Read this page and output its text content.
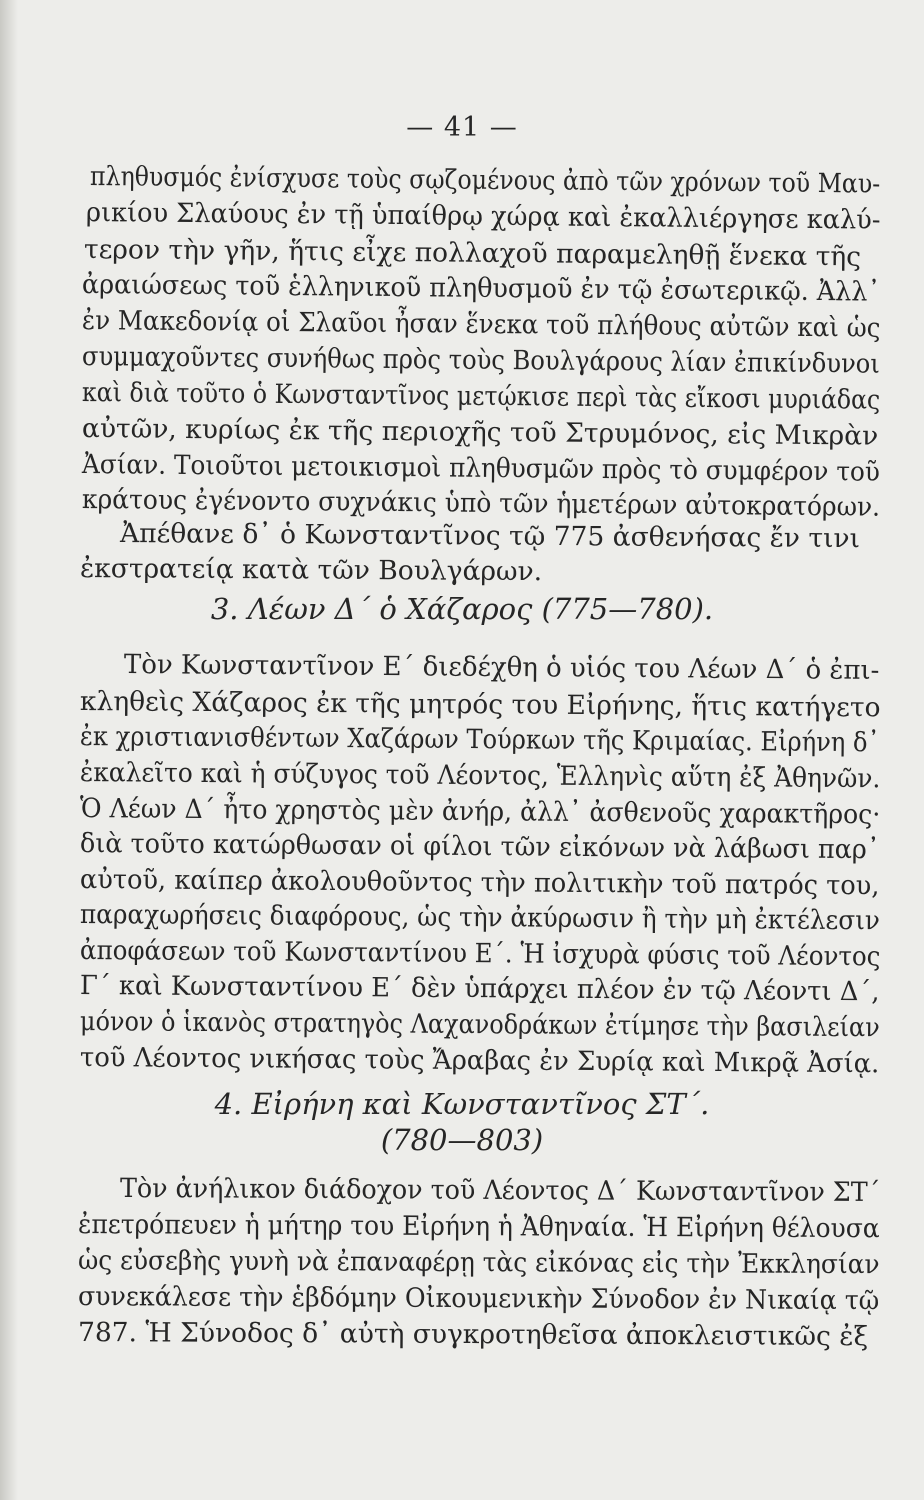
— 41 —
πληθυσμός ἐνίσχυσε τοὺς σῳζομένους ἀπὸ τῶν χρόνων τοῦ Μαυ-
ρικίου Σλαύους ἐν τῇ ὑπαίθρῳ χώρᾳ καὶ ἐκαλλιέργησε καλύ-
τερον τὴν γῆν, ἥτις εἶχε πολλαχοῦ παραμεληθῇ ἕνεκα τῆς
ἀραιώσεως τοῦ ἑλληνικοῦ πληθυσμοῦ ἐν τῷ ἐσωτερικῷ. Ἀλλ᾽
ἐν Μακεδονίᾳ οἱ Σλαῦοι ἦσαν ἕνεκα τοῦ πλήθους αὐτῶν καὶ ὡς
συμμαχοῦντες συνήθως πρὸς τοὺς Βουλγάρους λίαν ἐπικίνδυνοι
καὶ διὰ τοῦτο ὁ Κωνσταντῖνος μετῴκισε περὶ τὰς εἴκοσι μυριάδας
αὐτῶν, κυρίως ἐκ τῆς περιοχῆς τοῦ Στρυμόνος, εἰς Μικρὰν
Ἀσίαν. Τοιοῦτοι μετοικισμοὶ πληθυσμῶν πρὸς τὸ συμφέρον τοῦ
κράτους ἐγένοντο συχνάκις ὑπὸ τῶν ἡμετέρων αὐτοκρατόρων.
Ἀπέθανε δ᾽ ὁ Κωνσταντῖνος τῷ 775 ἀσθενήσας ἔν τινι
ἐκστρατείᾳ κατὰ τῶν Βουλγάρων.
3. Λέων Δ´ ὁ Χάζαρος (775—780).
Τὸν Κωνσταντῖνον Ε´ διεδέχθη ὁ υἱός του Λέων Δ´ ὁ ἐπι-
κληθεὶς Χάζαρος ἐκ τῆς μητρός του Εἰρήνης, ἥτις κατήγετο
ἐκ χριστιανισθέντων Χαζάρων Τούρκων τῆς Κριμαίας. Εἰρήνη δ᾽
ἐκαλεῖτο καὶ ἡ σύζυγος τοῦ Λέοντος, Ἑλληνὶς αὕτη ἐξ Ἀθηνῶν.
Ὁ Λέων Δ´ ἦτο χρηστὸς μὲν ἀνήρ, ἀλλ᾽ ἀσθενοῦς χαρακτῆρος·
διὰ τοῦτο κατώρθωσαν οἱ φίλοι τῶν εἰκόνων νὰ λάβωσι παρ᾽
αὐτοῦ, καίπερ ἀκολουθοῦντος τὴν πολιτικὴν τοῦ πατρός του,
παραχωρήσεις διαφόρους, ὡς τὴν ἀκύρωσιν ἢ τὴν μὴ ἐκτέλεσιν
ἀποφάσεων τοῦ Κωνσταντίνου Ε´. Ἡ ἰσχυρὰ φύσις τοῦ Λέοντος
Γ´ καὶ Κωνσταντίνου Ε´ δὲν ὑπάρχει πλέον ἐν τῷ Λέοντι Δ´,
μόνον ὁ ἱκανὸς στρατηγὸς Λαχανοδράκων ἐτίμησε τὴν βασιλείαν
τοῦ Λέοντος νικήσας τοὺς Ἄραβας ἐν Συρίᾳ καὶ Μικρᾷ Ἀσίᾳ.
4. Εἰρήνη καὶ Κωνσταντῖνος ΣΤ´.
(780—803)
Τὸν ἀνήλικον διάδοχον τοῦ Λέοντος Δ´ Κωνσταντῖνον ΣΤ´
ἐπετρόπευεν ἡ μήτηρ του Εἰρήνη ἡ Ἀθηναία. Ἡ Εἰρήνη θέλουσα
ὡς εὐσεβὴς γυνὴ νὰ ἐπαναφέρῃ τὰς εἰκόνας εἰς τὴν Ἐκκλησίαν
συνεκάλεσε τὴν ἑβδόμην Οἰκουμενικὴν Σύνοδον ἐν Νικαίᾳ τῷ
787. Ἡ Σύνοδος δ᾽ αὐτὴ συγκροτηθεῖσα ἀποκλειστικῶς ἐξ
